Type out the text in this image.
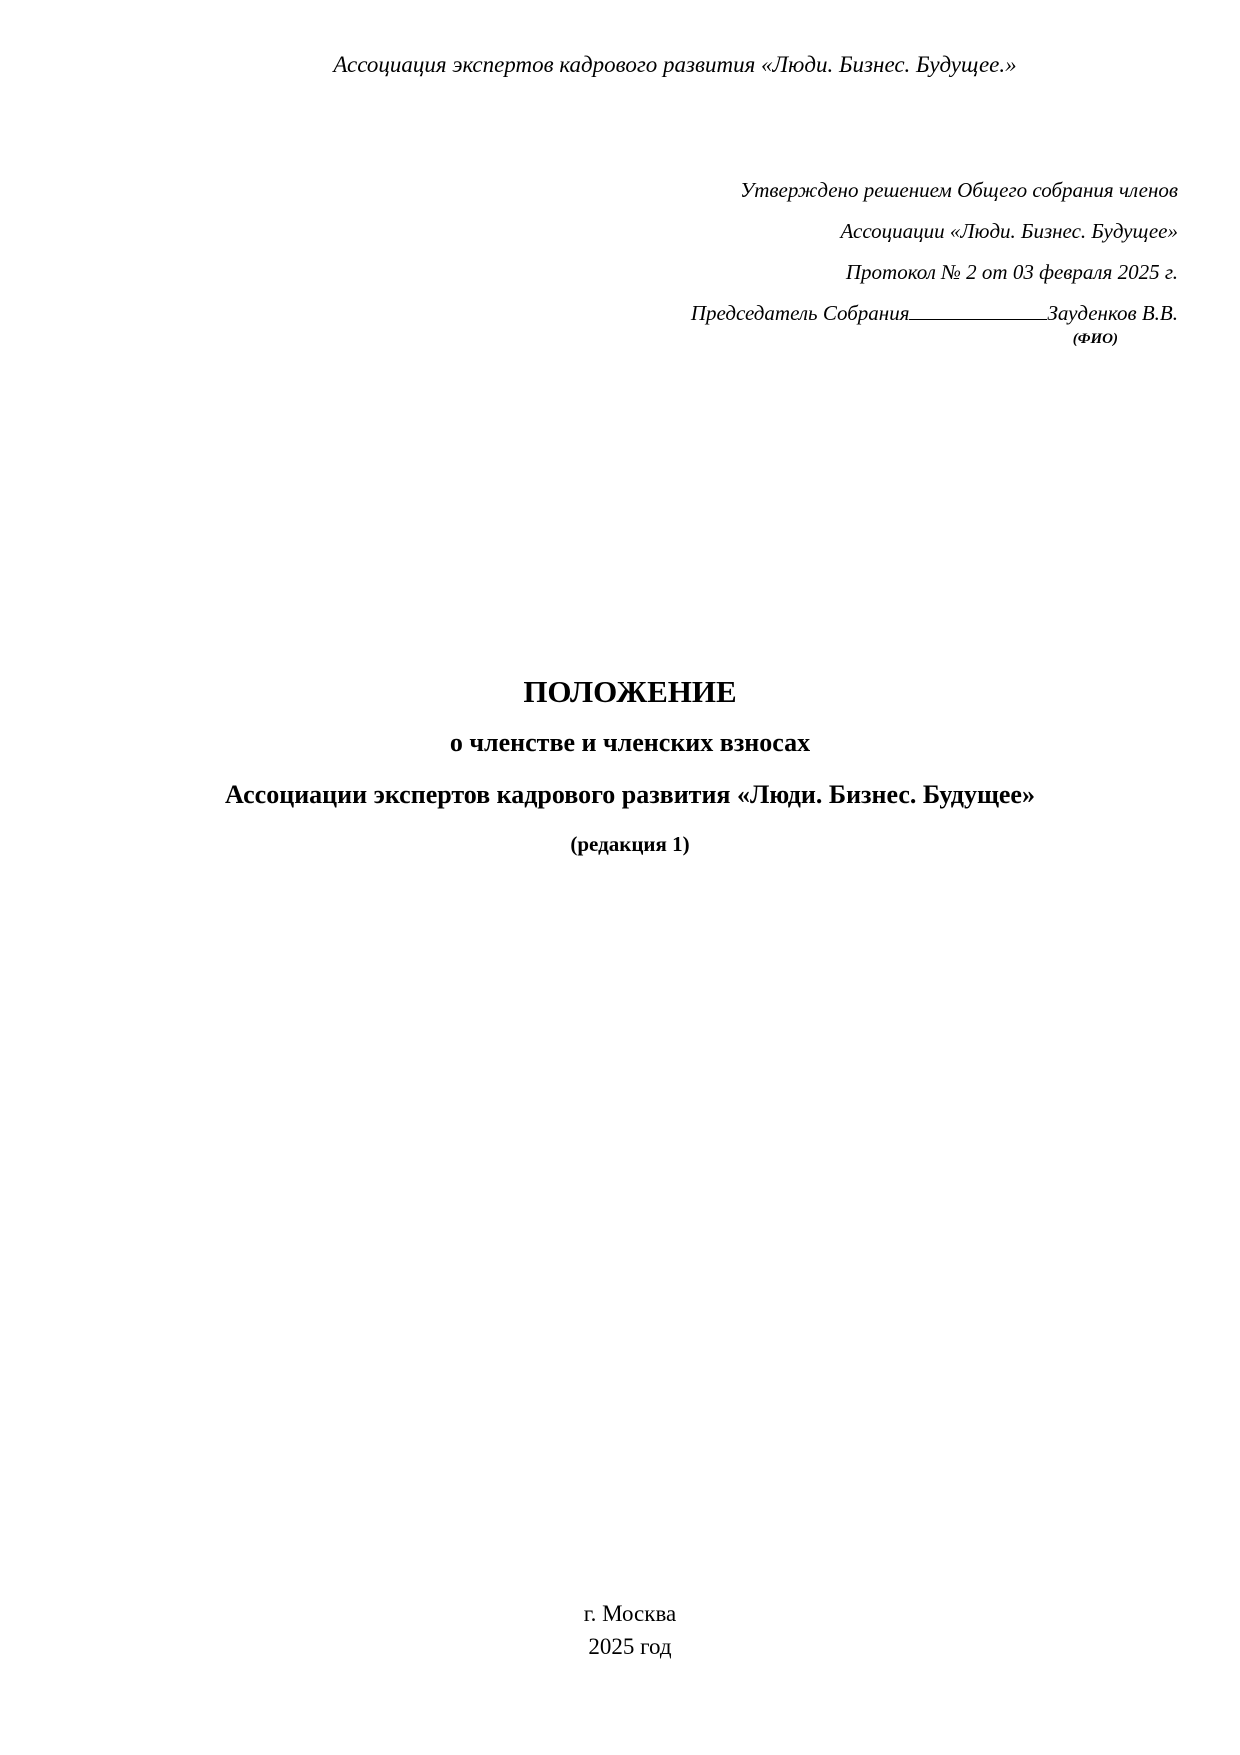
Ассоциация экспертов кадрового развития «Люди. Бизнес. Будущее.»
Утверждено решением Общего собрания членов
Ассоциации «Люди. Бизнес. Будущее»
Протокол № 2 от 03 февраля 2025 г.
Председатель Собрания	Зауденков В.В.
(ФИО)
ПОЛОЖЕНИЕ
о членстве и членских взносах
Ассоциации экспертов кадрового развития «Люди. Бизнес. Будущее»
(редакция 1)
г. Москва
2025 год
